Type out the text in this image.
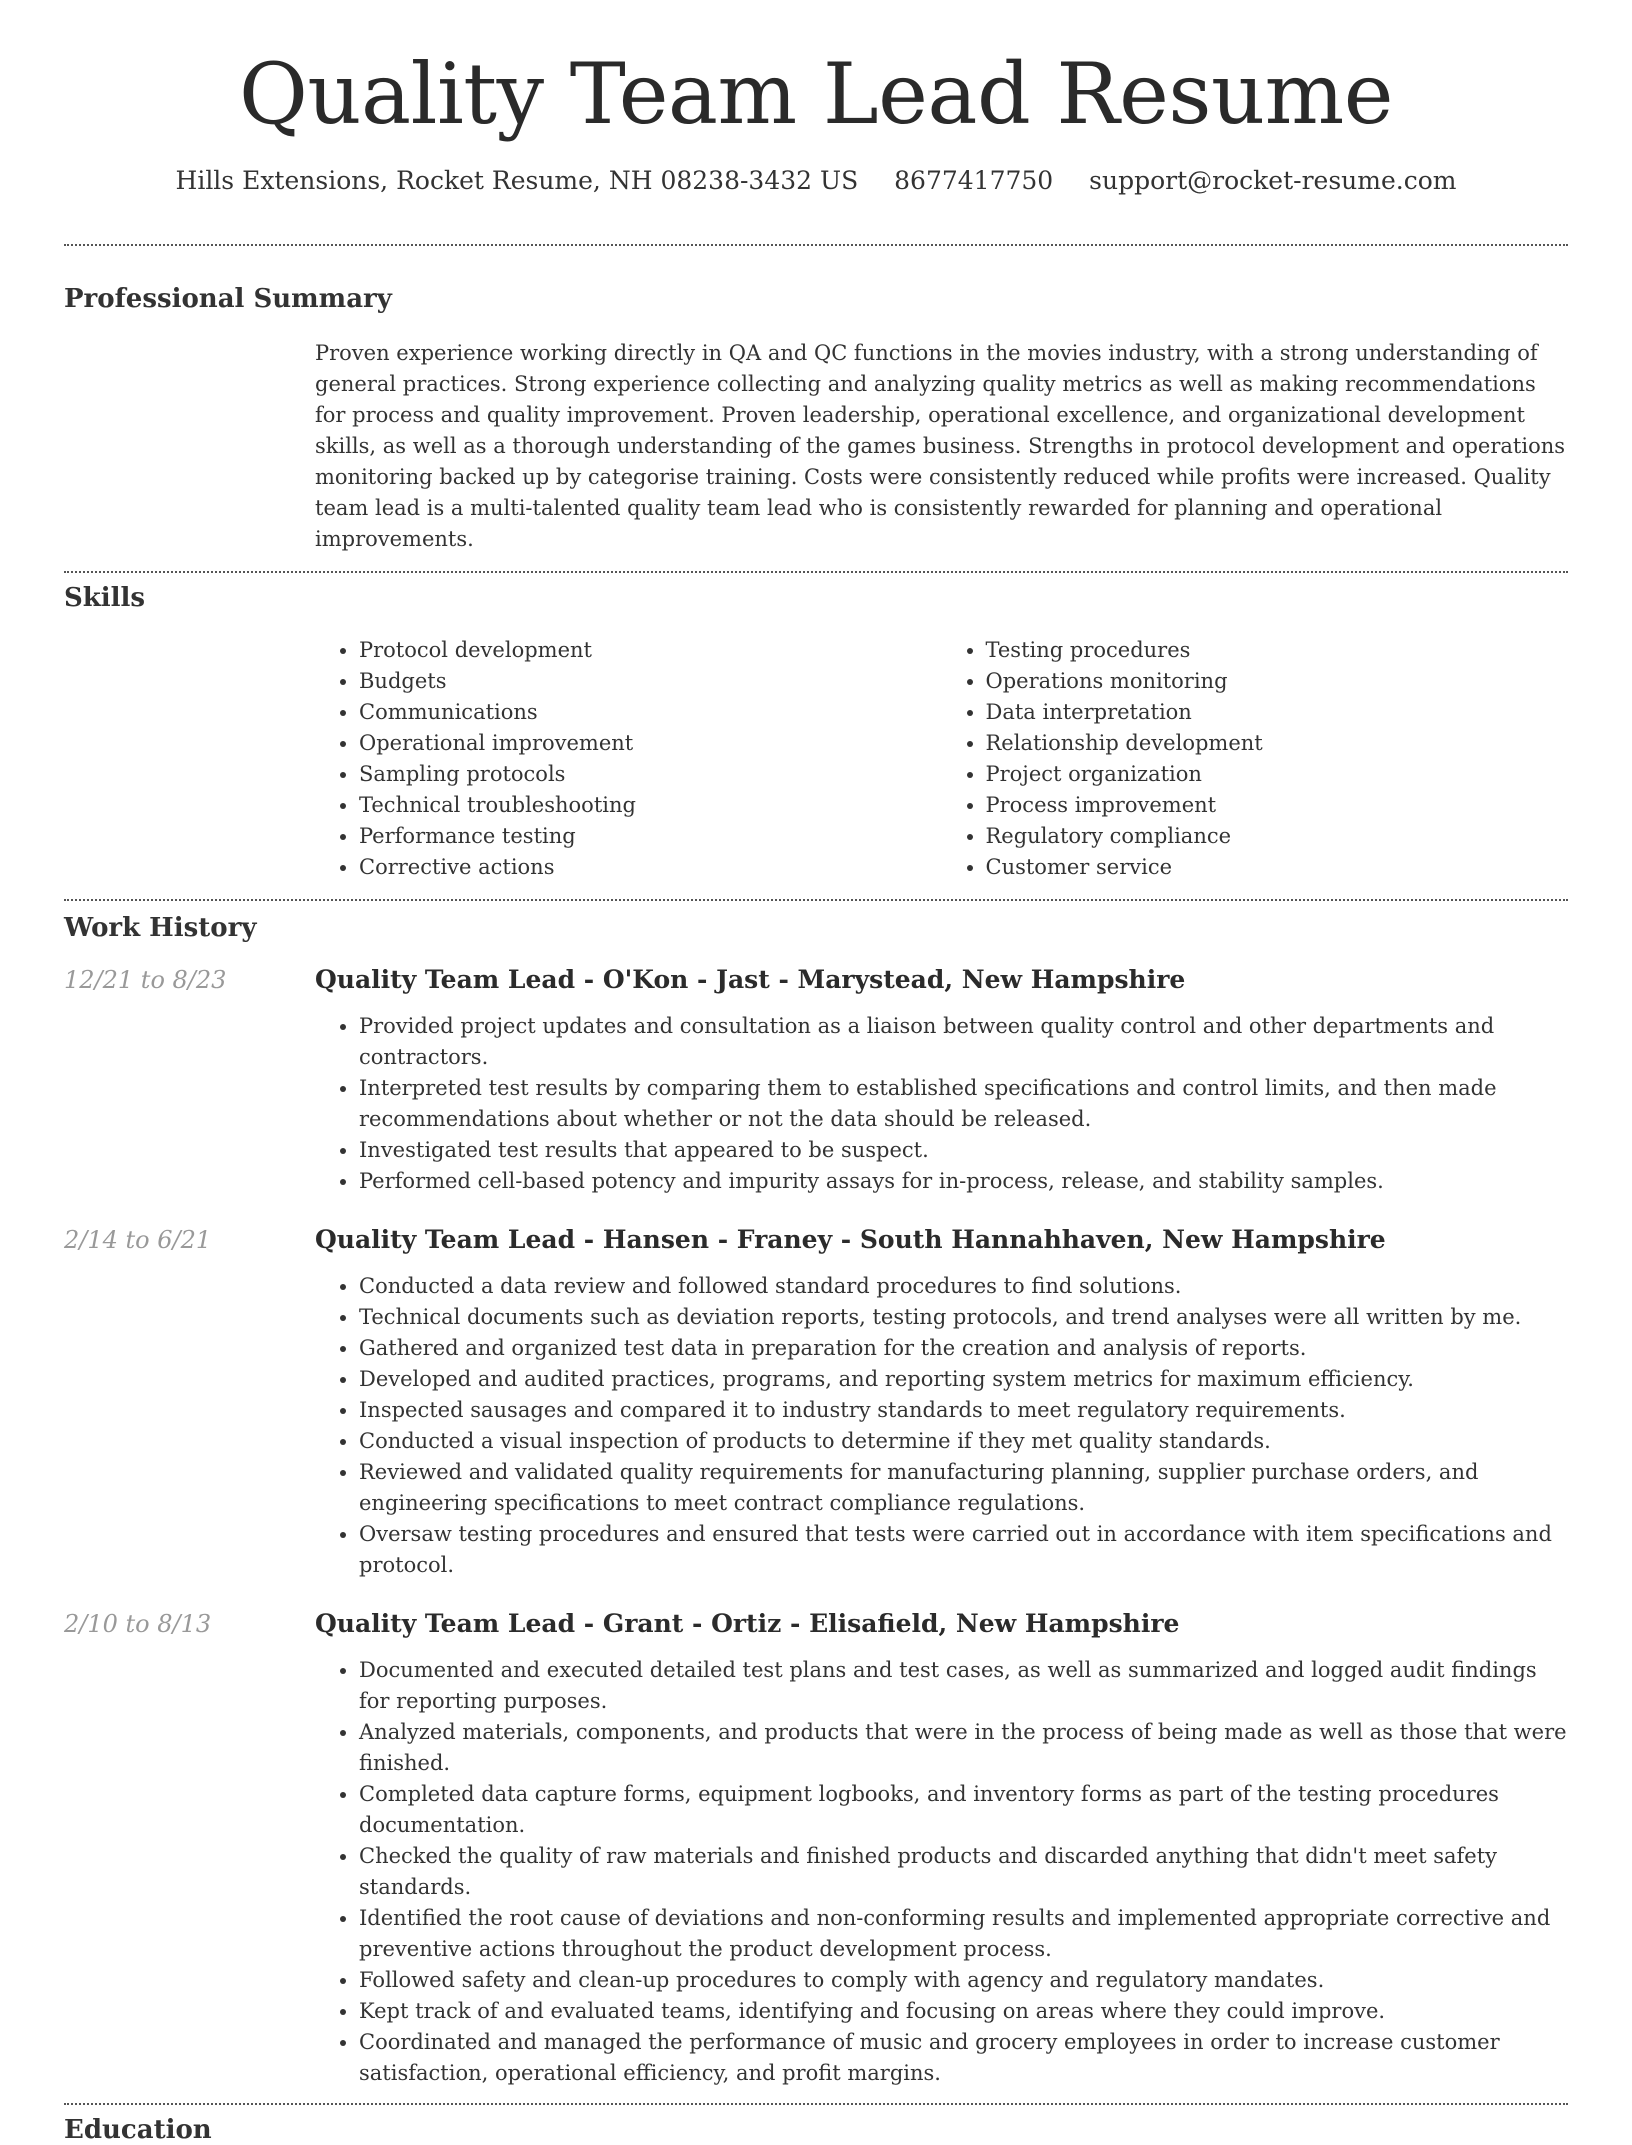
Quality Team Lead Resume
Hills Extensions, Rocket Resume, NH 08238-3432 US 8677417750 support@rocket-resume.com
Professional Summary

Proven experience working directly in QA and QC functions in the movies industry, with a strong understanding of general practices. Strong experience collecting and analyzing quality metrics as well as making recommendations for process and quality improvement. Proven leadership, operational excellence, and organizational development skills, as well as a thorough understanding of the games business. Strengths in protocol development and operations monitoring backed up by categorise training. Costs were consistently reduced while profits were increased. Quality team lead is a multi-talented quality team lead who is consistently rewarded for planning and operational improvements.

Skills
• Protocol development
• Budgets
• Communications
• Operational improvement
• Sampling protocols
• Technical troubleshooting
• Performance testing
• Corrective actions
• Testing procedures
• Operations monitoring
• Data interpretation
• Relationship development
• Project organization
• Process improvement
• Regulatory compliance
• Customer service
Work History
12/21 to 8/23	Quality Team Lead - O'Kon - Jast - Marystead, New Hampshire
• Provided project updates and consultation as a liaison between quality control and other departments and contractors.
• Interpreted test results by comparing them to established specifications and control limits, and then made recommendations about whether or not the data should be released.
• Investigated test results that appeared to be suspect.
• Performed cell-based potency and impurity assays for in-process, release, and stability samples.
2/14 to 6/21	Quality Team Lead - Hansen - Franey - South Hannahhaven, New Hampshire
• Conducted a data review and followed standard procedures to find solutions.
• Technical documents such as deviation reports, testing protocols, and trend analyses were all written by me.
• Gathered and organized test data in preparation for the creation and analysis of reports.
• Developed and audited practices, programs, and reporting system metrics for maximum efficiency.
• Inspected sausages and compared it to industry standards to meet regulatory requirements.
• Conducted a visual inspection of products to determine if they met quality standards.
• Reviewed and validated quality requirements for manufacturing planning, supplier purchase orders, and engineering specifications to meet contract compliance regulations.
• Oversaw testing procedures and ensured that tests were carried out in accordance with item specifications and protocol.
2/10 to 8/13	Quality Team Lead - Grant - Ortiz - Elisafield, New Hampshire
• Documented and executed detailed test plans and test cases, as well as summarized and logged audit findings for reporting purposes.
• Analyzed materials, components, and products that were in the process of being made as well as those that were finished.
• Completed data capture forms, equipment logbooks, and inventory forms as part of the testing procedures documentation.
• Checked the quality of raw materials and finished products and discarded anything that didn't meet safety standards.
• Identified the root cause of deviations and non-conforming results and implemented appropriate corrective and preventive actions throughout the product development process.
• Followed safety and clean-up procedures to comply with agency and regulatory mandates.
• Kept track of and evaluated teams, identifying and focusing on areas where they could improve.
• Coordinated and managed the performance of music and grocery employees in order to increase customer satisfaction, operational efficiency, and profit margins.
Education
